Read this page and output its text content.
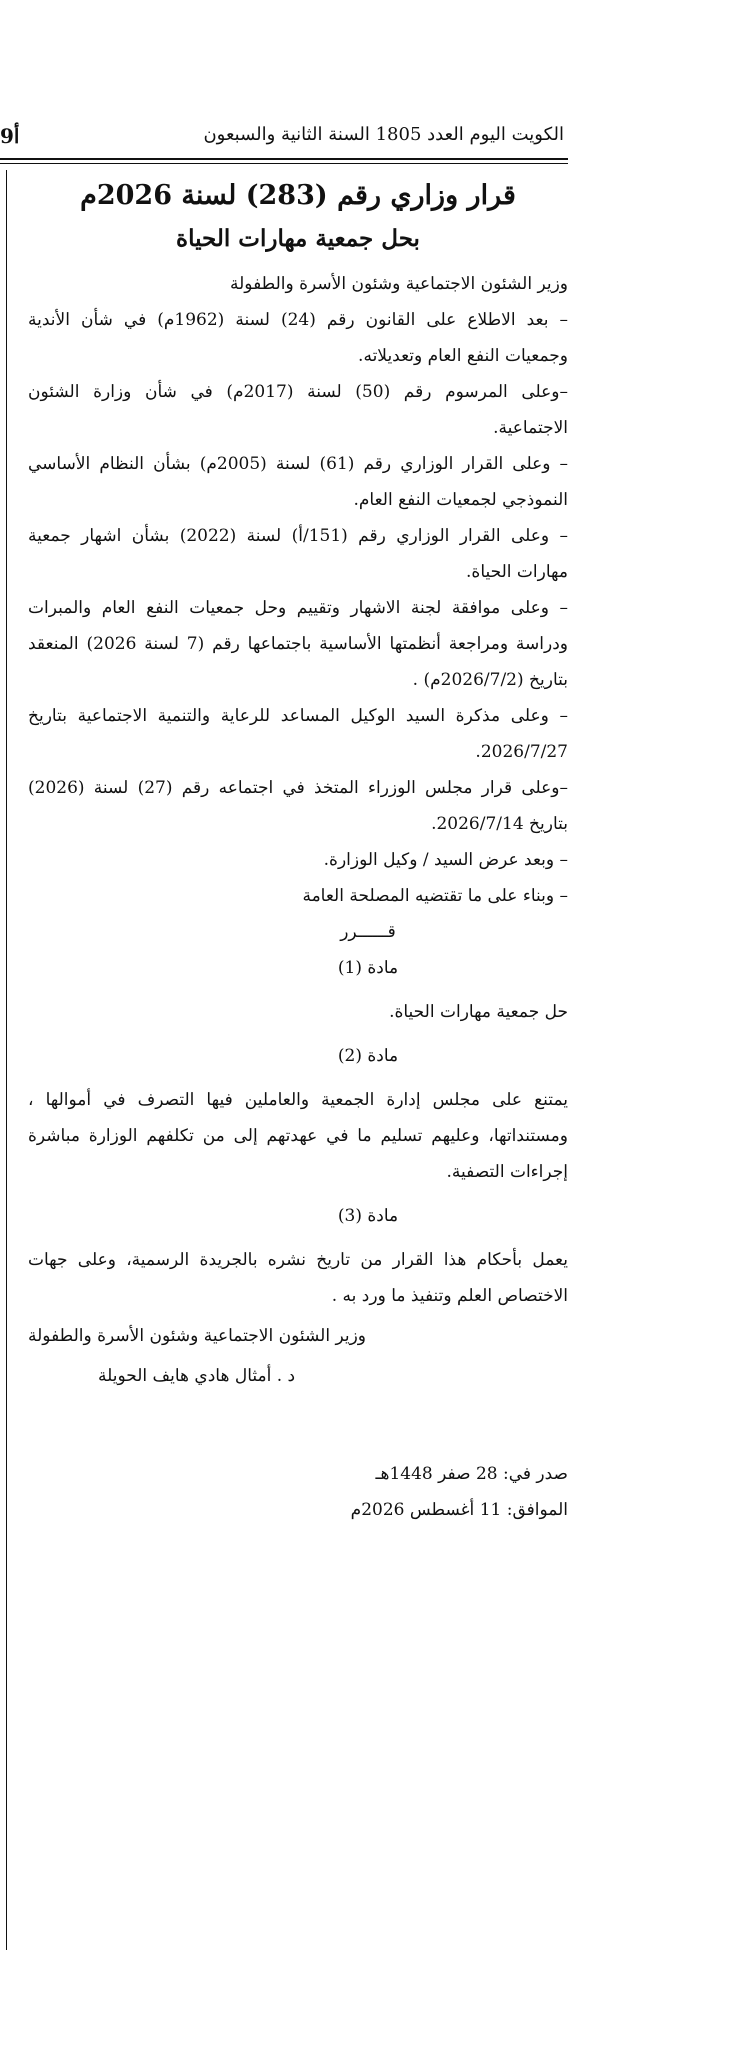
9أ	الكويت اليوم العدد 1805 السنة الثانية والسبعون
قرار وزاري رقم (283) لسنة 2026م
بحل جمعية مهارات الحياة

وزير الشئون الاجتماعية وشئون الأسرة والطفولة

– بعد الاطلاع على القانون رقم (24) لسنة (1962م) في شأن الأندية وجمعيات النفع العام وتعديلاته.

–وعلى المرسوم رقم (50) لسنة (2017م) في شأن وزارة الشئون الاجتماعية.

– وعلى القرار الوزاري رقم (61) لسنة (2005م) بشأن النظام الأساسي النموذجي لجمعيات النفع العام.

– وعلى القرار الوزاري رقم (151/أ) لسنة (2022) بشأن اشهار جمعية مهارات الحياة.

– وعلى موافقة لجنة الاشهار وتقييم وحل جمعيات النفع العام والمبرات ودراسة ومراجعة أنظمتها الأساسية باجتماعها رقم (7 لسنة 2026) المنعقد بتاريخ (2026/7/2م) .

– وعلى مذكرة السيد الوكيل المساعد للرعاية والتنمية الاجتماعية بتاريخ 2026/7/27.

–وعلى قرار مجلس الوزراء المتخذ في اجتماعه رقم (27) لسنة (2026) بتاريخ 2026/7/14.

– وبعد عرض السيد / وكيل الوزارة.

– وبناء على ما تقتضيه المصلحة العامة

قــــــرر

مادة (1)

حل جمعية مهارات الحياة.

مادة (2)

يمتنع على مجلس إدارة الجمعية والعاملين فيها التصرف في أموالها ، ومستنداتها، وعليهم تسليم ما في عهدتهم إلى من تكلفهم الوزارة مباشرة إجراءات التصفية.

مادة (3)

يعمل بأحكام هذا القرار من تاريخ نشره بالجريدة الرسمية، وعلى جهات الاختصاص العلم وتنفيذ ما ورد به .

وزير الشئون الاجتماعية وشئون الأسرة والطفولة
د . أمثال هادي هايف الحويلة
صدر في: 28 صفر 1448هـ
الموافق: 11 أغسطس 2026م
